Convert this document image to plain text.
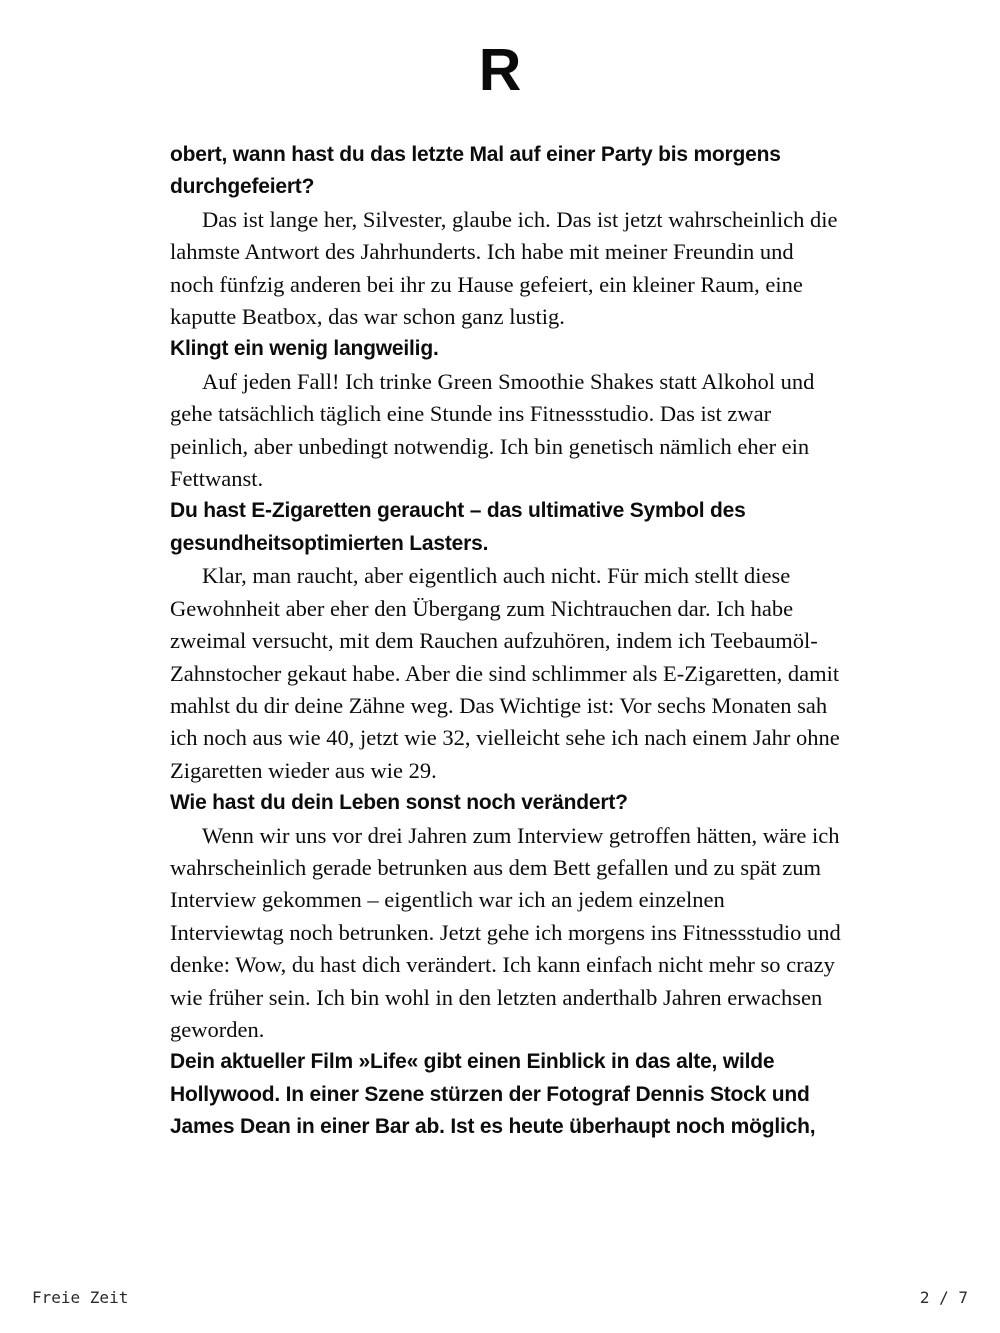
R

obert, wann hast du das letzte Mal auf einer Party bis morgens durchgefeiert?

Das ist lange her, Silvester, glaube ich. Das ist jetzt wahrscheinlich die lahmste Antwort des Jahrhunderts. Ich habe mit meiner Freundin und noch fünfzig anderen bei ihr zu Hause gefeiert, ein kleiner Raum, eine kaputte Beatbox, das war schon ganz lustig.

Klingt ein wenig langweilig.

Auf jeden Fall! Ich trinke Green Smoothie Shakes statt Alkohol und gehe tatsächlich täglich eine Stunde ins Fitnessstudio. Das ist zwar peinlich, aber unbedingt notwendig. Ich bin genetisch nämlich eher ein Fettwanst.

Du hast E-Zigaretten geraucht – das ultimative Symbol des gesundheitsoptimierten Lasters.

Klar, man raucht, aber eigentlich auch nicht. Für mich stellt diese Gewohnheit aber eher den Übergang zum Nichtrauchen dar. Ich habe zweimal versucht, mit dem Rauchen aufzuhören, indem ich Teebaumöl-Zahnstocher gekaut habe. Aber die sind schlimmer als E-Zigaretten, damit mahlst du dir deine Zähne weg. Das Wichtige ist: Vor sechs Monaten sah ich noch aus wie 40, jetzt wie 32, vielleicht sehe ich nach einem Jahr ohne Zigaretten wieder aus wie 29.

Wie hast du dein Leben sonst noch verändert?

Wenn wir uns vor drei Jahren zum Interview getroffen hätten, wäre ich wahrscheinlich gerade betrunken aus dem Bett gefallen und zu spät zum Interview gekommen – eigentlich war ich an jedem einzelnen Interviewtag noch betrunken. Jetzt gehe ich morgens ins Fitnessstudio und denke: Wow, du hast dich verändert. Ich kann einfach nicht mehr so crazy wie früher sein. Ich bin wohl in den letzten anderthalb Jahren erwachsen geworden.

Dein aktueller Film »Life« gibt einen Einblick in das alte, wilde Hollywood. In einer Szene stürzen der Fotograf Dennis Stock und James Dean in einer Bar ab. Ist es heute überhaupt noch möglich,

Freie Zeit	2 / 7
